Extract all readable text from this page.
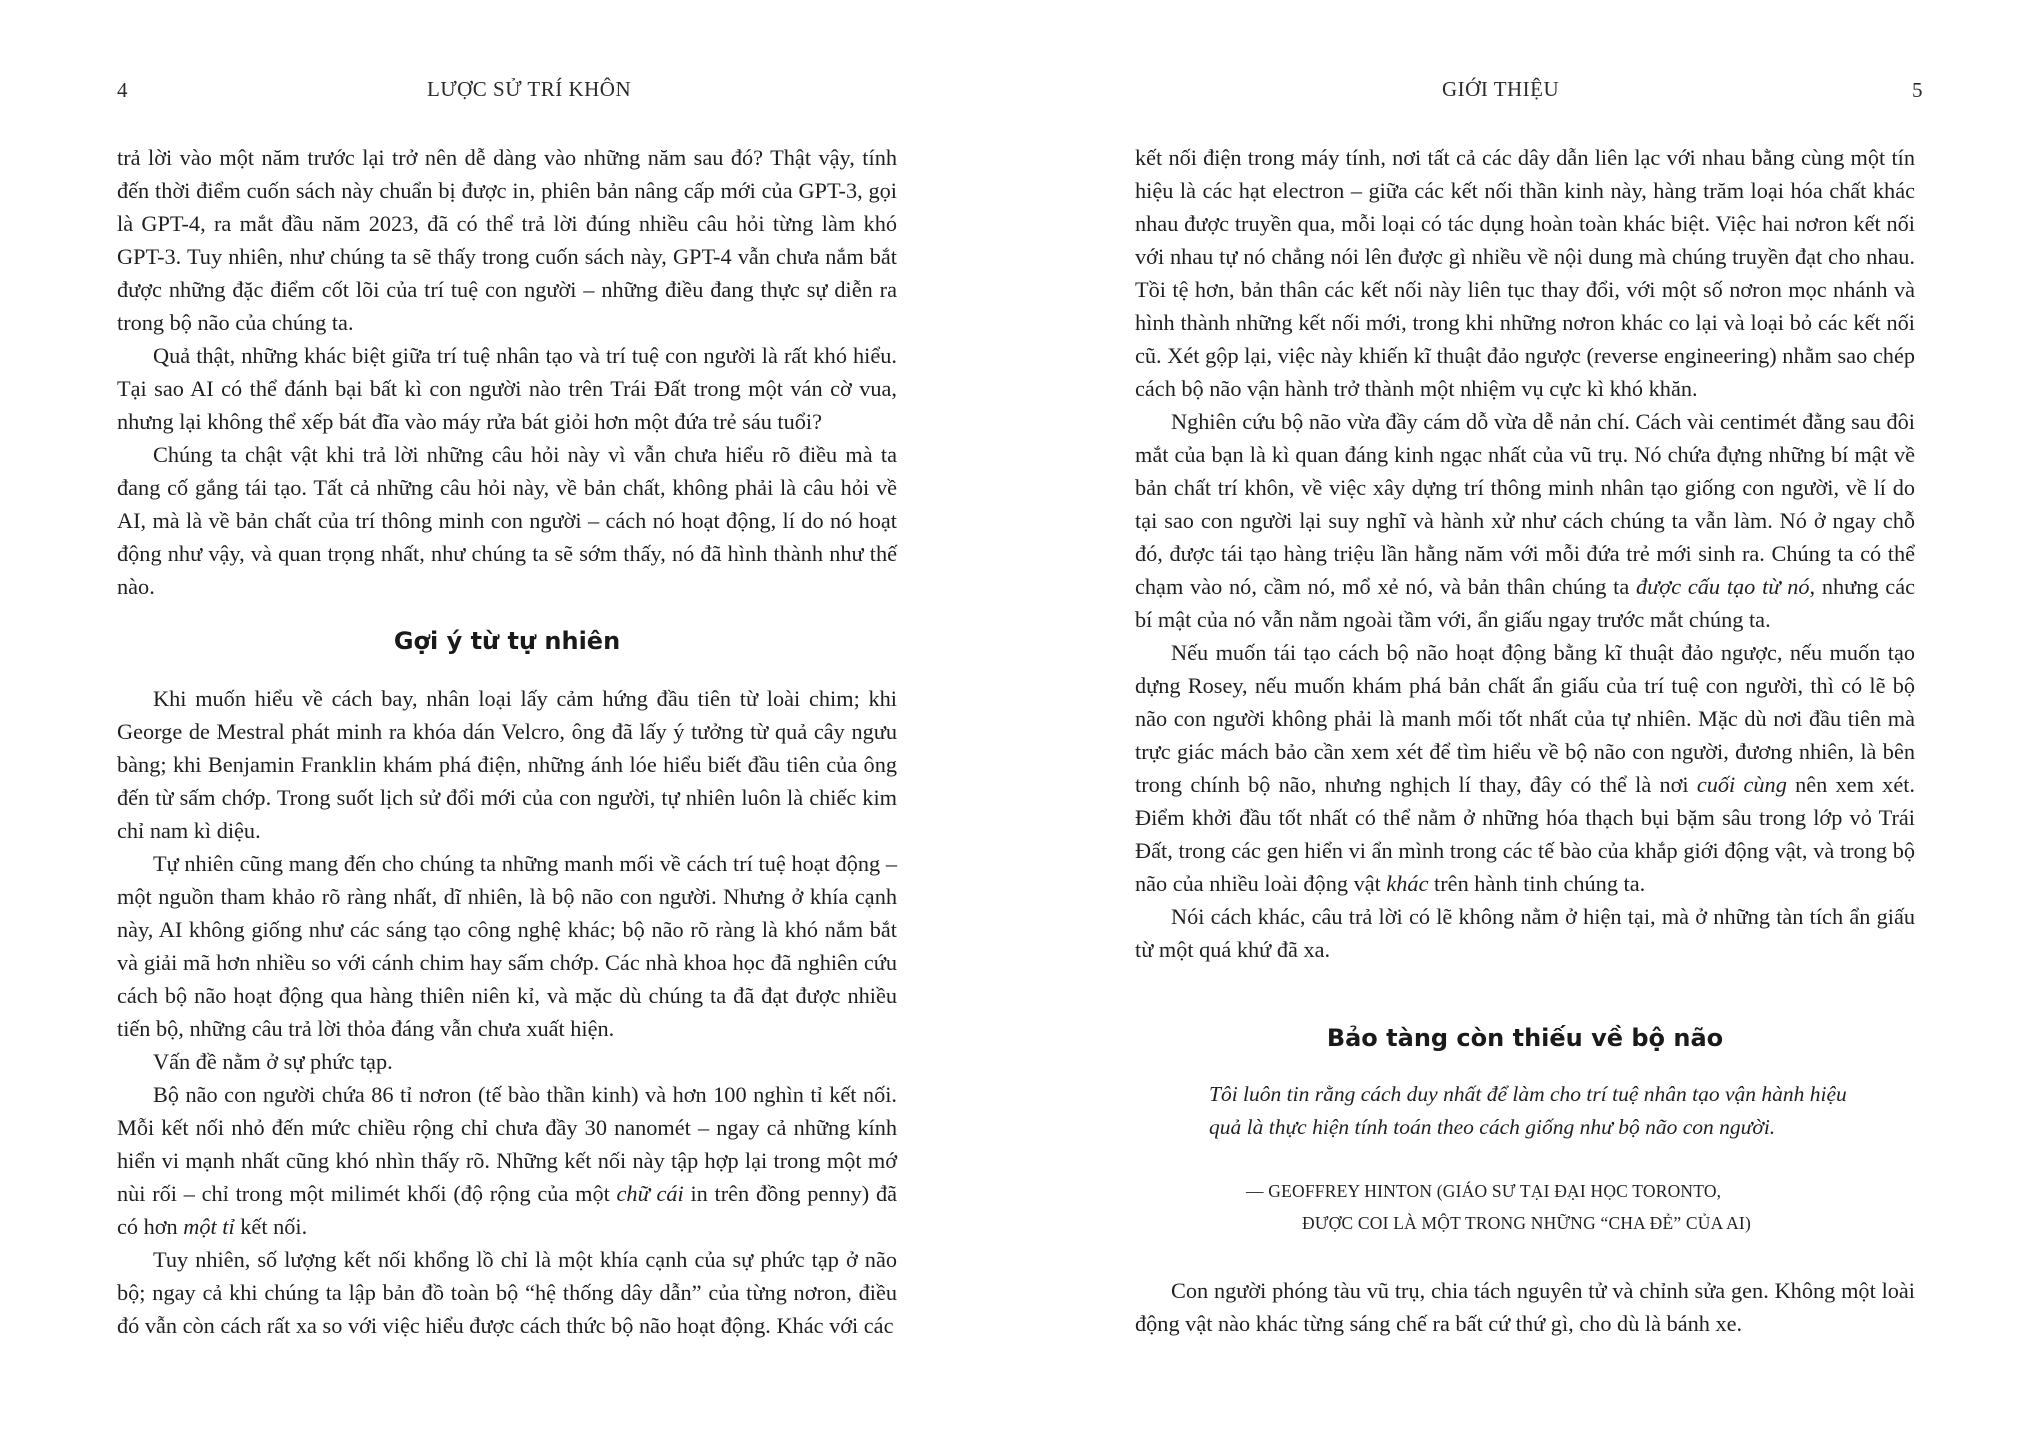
4	LƯỢC SỬ TRÍ KHÔN

trả lời vào một năm trước lại trở nên dễ dàng vào những năm sau đó? Thật vậy, tính đến thời điểm cuốn sách này chuẩn bị được in, phiên bản nâng cấp mới của GPT-3, gọi là GPT-4, ra mắt đầu năm 2023, đã có thể trả lời đúng nhiều câu hỏi từng làm khó GPT-3. Tuy nhiên, như chúng ta sẽ thấy trong cuốn sách này, GPT-4 vẫn chưa nắm bắt được những đặc điểm cốt lõi của trí tuệ con người – những điều đang thực sự diễn ra trong bộ não của chúng ta.

Quả thật, những khác biệt giữa trí tuệ nhân tạo và trí tuệ con người là rất khó hiểu. Tại sao AI có thể đánh bại bất kì con người nào trên Trái Đất trong một ván cờ vua, nhưng lại không thể xếp bát đĩa vào máy rửa bát giỏi hơn một đứa trẻ sáu tuổi?

Chúng ta chật vật khi trả lời những câu hỏi này vì vẫn chưa hiểu rõ điều mà ta đang cố gắng tái tạo. Tất cả những câu hỏi này, về bản chất, không phải là câu hỏi về AI, mà là về bản chất của trí thông minh con người – cách nó hoạt động, lí do nó hoạt động như vậy, và quan trọng nhất, như chúng ta sẽ sớm thấy, nó đã hình thành như thế nào.

Gợi ý từ tự nhiên

Khi muốn hiểu về cách bay, nhân loại lấy cảm hứng đầu tiên từ loài chim; khi George de Mestral phát minh ra khóa dán Velcro, ông đã lấy ý tưởng từ quả cây ngưu bàng; khi Benjamin Franklin khám phá điện, những ánh lóe hiểu biết đầu tiên của ông đến từ sấm chớp. Trong suốt lịch sử đổi mới của con người, tự nhiên luôn là chiếc kim chỉ nam kì diệu.

Tự nhiên cũng mang đến cho chúng ta những manh mối về cách trí tuệ hoạt động – một nguồn tham khảo rõ ràng nhất, dĩ nhiên, là bộ não con người. Nhưng ở khía cạnh này, AI không giống như các sáng tạo công nghệ khác; bộ não rõ ràng là khó nắm bắt và giải mã hơn nhiều so với cánh chim hay sấm chớp. Các nhà khoa học đã nghiên cứu cách bộ não hoạt động qua hàng thiên niên kỉ, và mặc dù chúng ta đã đạt được nhiều tiến bộ, những câu trả lời thỏa đáng vẫn chưa xuất hiện.

Vấn đề nằm ở sự phức tạp.

Bộ não con người chứa 86 tỉ nơron (tế bào thần kinh) và hơn 100 nghìn tỉ kết nối. Mỗi kết nối nhỏ đến mức chiều rộng chỉ chưa đầy 30 nanomét – ngay cả những kính hiển vi mạnh nhất cũng khó nhìn thấy rõ. Những kết nối này tập hợp lại trong một mớ nùi rối – chỉ trong một milimét khối (độ rộng của một chữ cái in trên đồng penny) đã có hơn một tỉ kết nối.

Tuy nhiên, số lượng kết nối khổng lồ chỉ là một khía cạnh của sự phức tạp ở não bộ; ngay cả khi chúng ta lập bản đồ toàn bộ “hệ thống dây dẫn” của từng nơron, điều đó vẫn còn cách rất xa so với việc hiểu được cách thức bộ não hoạt động. Khác với các

GIỚI THIỆU	5

kết nối điện trong máy tính, nơi tất cả các dây dẫn liên lạc với nhau bằng cùng một tín hiệu là các hạt electron – giữa các kết nối thần kinh này, hàng trăm loại hóa chất khác nhau được truyền qua, mỗi loại có tác dụng hoàn toàn khác biệt. Việc hai nơron kết nối với nhau tự nó chẳng nói lên được gì nhiều về nội dung mà chúng truyền đạt cho nhau. Tồi tệ hơn, bản thân các kết nối này liên tục thay đổi, với một số nơron mọc nhánh và hình thành những kết nối mới, trong khi những nơron khác co lại và loại bỏ các kết nối cũ. Xét gộp lại, việc này khiến kĩ thuật đảo ngược (reverse engineering) nhằm sao chép cách bộ não vận hành trở thành một nhiệm vụ cực kì khó khăn.

Nghiên cứu bộ não vừa đầy cám dỗ vừa dễ nản chí. Cách vài centimét đằng sau đôi mắt của bạn là kì quan đáng kinh ngạc nhất của vũ trụ. Nó chứa đựng những bí mật về bản chất trí khôn, về việc xây dựng trí thông minh nhân tạo giống con người, về lí do tại sao con người lại suy nghĩ và hành xử như cách chúng ta vẫn làm. Nó ở ngay chỗ đó, được tái tạo hàng triệu lần hằng năm với mỗi đứa trẻ mới sinh ra. Chúng ta có thể chạm vào nó, cầm nó, mổ xẻ nó, và bản thân chúng ta được cấu tạo từ nó, nhưng các bí mật của nó vẫn nằm ngoài tầm với, ẩn giấu ngay trước mắt chúng ta.

Nếu muốn tái tạo cách bộ não hoạt động bằng kĩ thuật đảo ngược, nếu muốn tạo dựng Rosey, nếu muốn khám phá bản chất ẩn giấu của trí tuệ con người, thì có lẽ bộ não con người không phải là manh mối tốt nhất của tự nhiên. Mặc dù nơi đầu tiên mà trực giác mách bảo cần xem xét để tìm hiểu về bộ não con người, đương nhiên, là bên trong chính bộ não, nhưng nghịch lí thay, đây có thể là nơi cuối cùng nên xem xét. Điểm khởi đầu tốt nhất có thể nằm ở những hóa thạch bụi bặm sâu trong lớp vỏ Trái Đất, trong các gen hiển vi ẩn mình trong các tế bào của khắp giới động vật, và trong bộ não của nhiều loài động vật khác trên hành tinh chúng ta.

Nói cách khác, câu trả lời có lẽ không nằm ở hiện tại, mà ở những tàn tích ẩn giấu từ một quá khứ đã xa.

Bảo tàng còn thiếu về bộ não
Tôi luôn tin rằng cách duy nhất để làm cho trí tuệ nhân tạo vận hành hiệu quả là thực hiện tính toán theo cách giống như bộ não con người.
— GEOFFREY HINTON (GIÁO SƯ TẠI ĐẠI HỌC TORONTO,
ĐƯỢC COI LÀ MỘT TRONG NHỮNG “CHA ĐẺ” CỦA AI)

Con người phóng tàu vũ trụ, chia tách nguyên tử và chỉnh sửa gen. Không một loài động vật nào khác từng sáng chế ra bất cứ thứ gì, cho dù là bánh xe.
